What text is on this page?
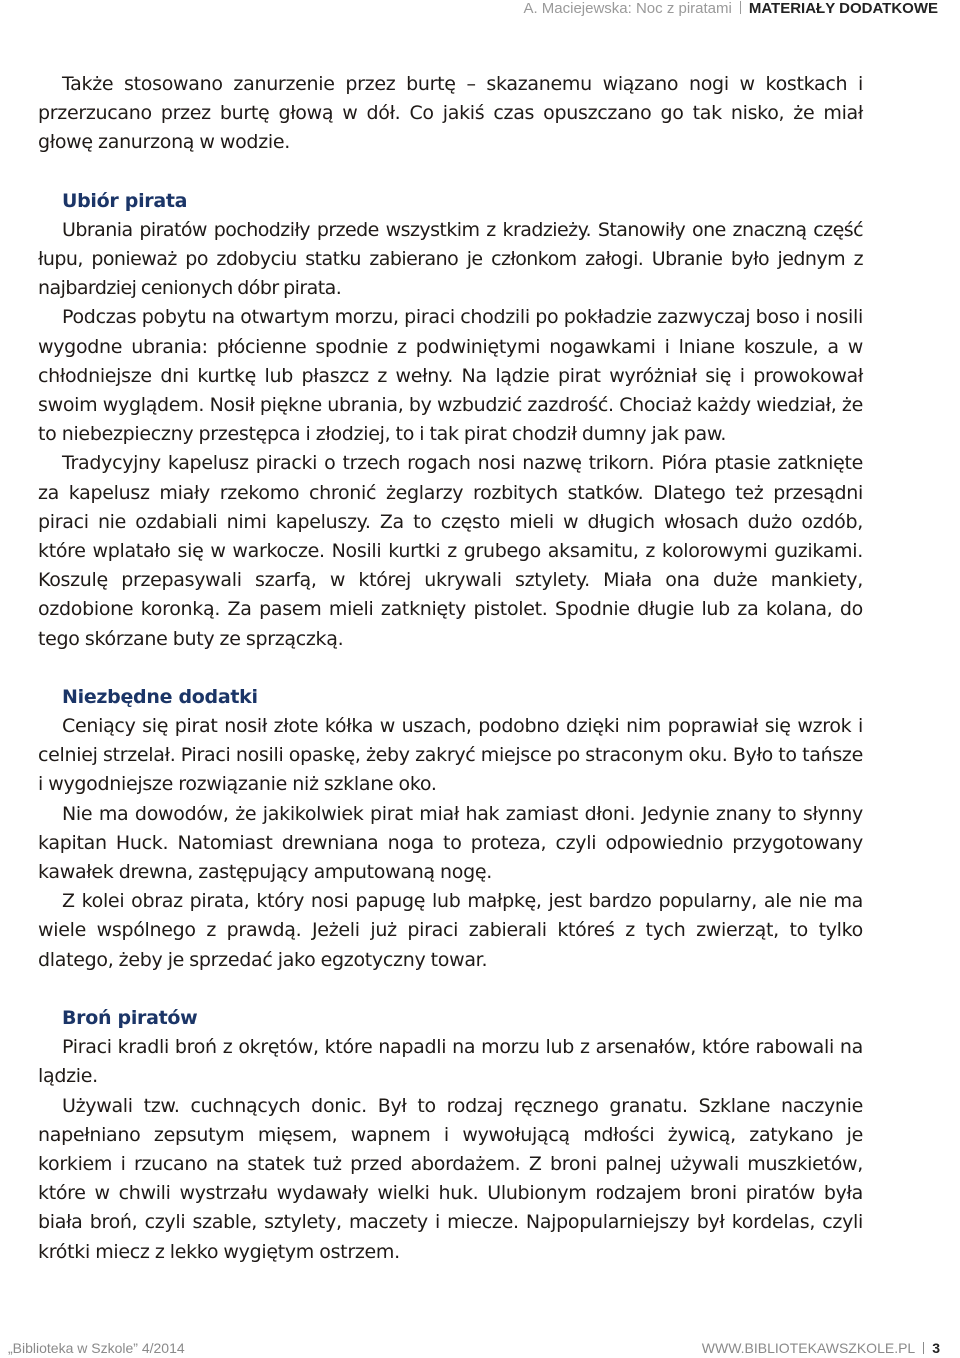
A. Maciejewska: Noc z piratami MATERIAŁY DODATKOWE

Także stosowano zanurzenie przez burtę – skazanemu wiązano nogi w kostkach i przerzucano przez burtę głową w dół. Co jakiś czas opuszczano go tak nisko, że miał głowę zanurzoną w wodzie.

Ubiór pirata

Ubrania piratów pochodziły przede wszystkim z kradzieży. Stanowiły one znaczną część łupu, ponieważ po zdobyciu statku zabierano je członkom załogi. Ubranie było jednym z najbardziej cenionych dóbr pirata.

Podczas pobytu na otwartym morzu, piraci chodzili po pokładzie zazwyczaj boso i nosili wygodne ubrania: płócienne spodnie z podwiniętymi nogawkami i lniane koszule, a w chłodniejsze dni kurtkę lub płaszcz z wełny. Na lądzie pirat wyróżniał się i prowokował swoim wyglądem. Nosił piękne ubrania, by wzbudzić zazdrość. Chociaż każdy wiedział, że to niebezpieczny przestępca i złodziej, to i tak pirat chodził dumny jak paw.

Tradycyjny kapelusz piracki o trzech rogach nosi nazwę trikorn. Pióra ptasie zatknięte za kapelusz miały rzekomo chronić żeglarzy rozbitych statków. Dlatego też przesądni piraci nie ozdabiali nimi kapeluszy. Za to często mieli w długich włosach dużo ozdób, które wplatało się w warkocze. Nosili kurtki z grubego aksamitu, z kolorowymi guzikami. Koszulę przepasywali szarfą, w której ukrywali sztylety. Miała ona duże mankiety, ozdobione koronką. Za pasem mieli zatknięty pistolet. Spodnie długie lub za kolana, do tego skórzane buty ze sprzączką.

Niezbędne dodatki

Ceniący się pirat nosił złote kółka w uszach, podobno dzięki nim poprawiał się wzrok i celniej strzelał. Piraci nosili opaskę, żeby zakryć miejsce po straconym oku. Było to tańsze i wygodniejsze rozwiązanie niż szklane oko.

Nie ma dowodów, że jakikolwiek pirat miał hak zamiast dłoni. Jedynie znany to słynny kapitan Huck. Natomiast drewniana noga to proteza, czyli odpowiednio przygotowany kawałek drewna, zastępujący amputowaną nogę.

Z kolei obraz pirata, który nosi papugę lub małpkę, jest bardzo popularny, ale nie ma wiele wspólnego z prawdą. Jeżeli już piraci zabierali któreś z tych zwierząt, to tylko dlatego, żeby je sprzedać jako egzotyczny towar.

Broń piratów

Piraci kradli broń z okrętów, które napadli na morzu lub z arsenałów, które rabowali na lądzie.

Używali tzw. cuchnących donic. Był to rodzaj ręcznego granatu. Szklane naczynie napełniano zepsutym mięsem, wapnem i wywołującą mdłości żywicą, zatykano je korkiem i rzucano na statek tuż przed abordażem. Z broni palnej używali muszkietów, które w chwili wystrzału wydawały wielki huk. Ulubionym rodzajem broni piratów była biała broń, czyli szable, sztylety, maczety i miecze. Najpopularniejszy był kordelas, czyli krótki miecz z lekko wygiętym ostrzem.

„Biblioteka w Szkole” 4/2014	WWW.BIBLIOTEKAWSZKOLE.PL 3
